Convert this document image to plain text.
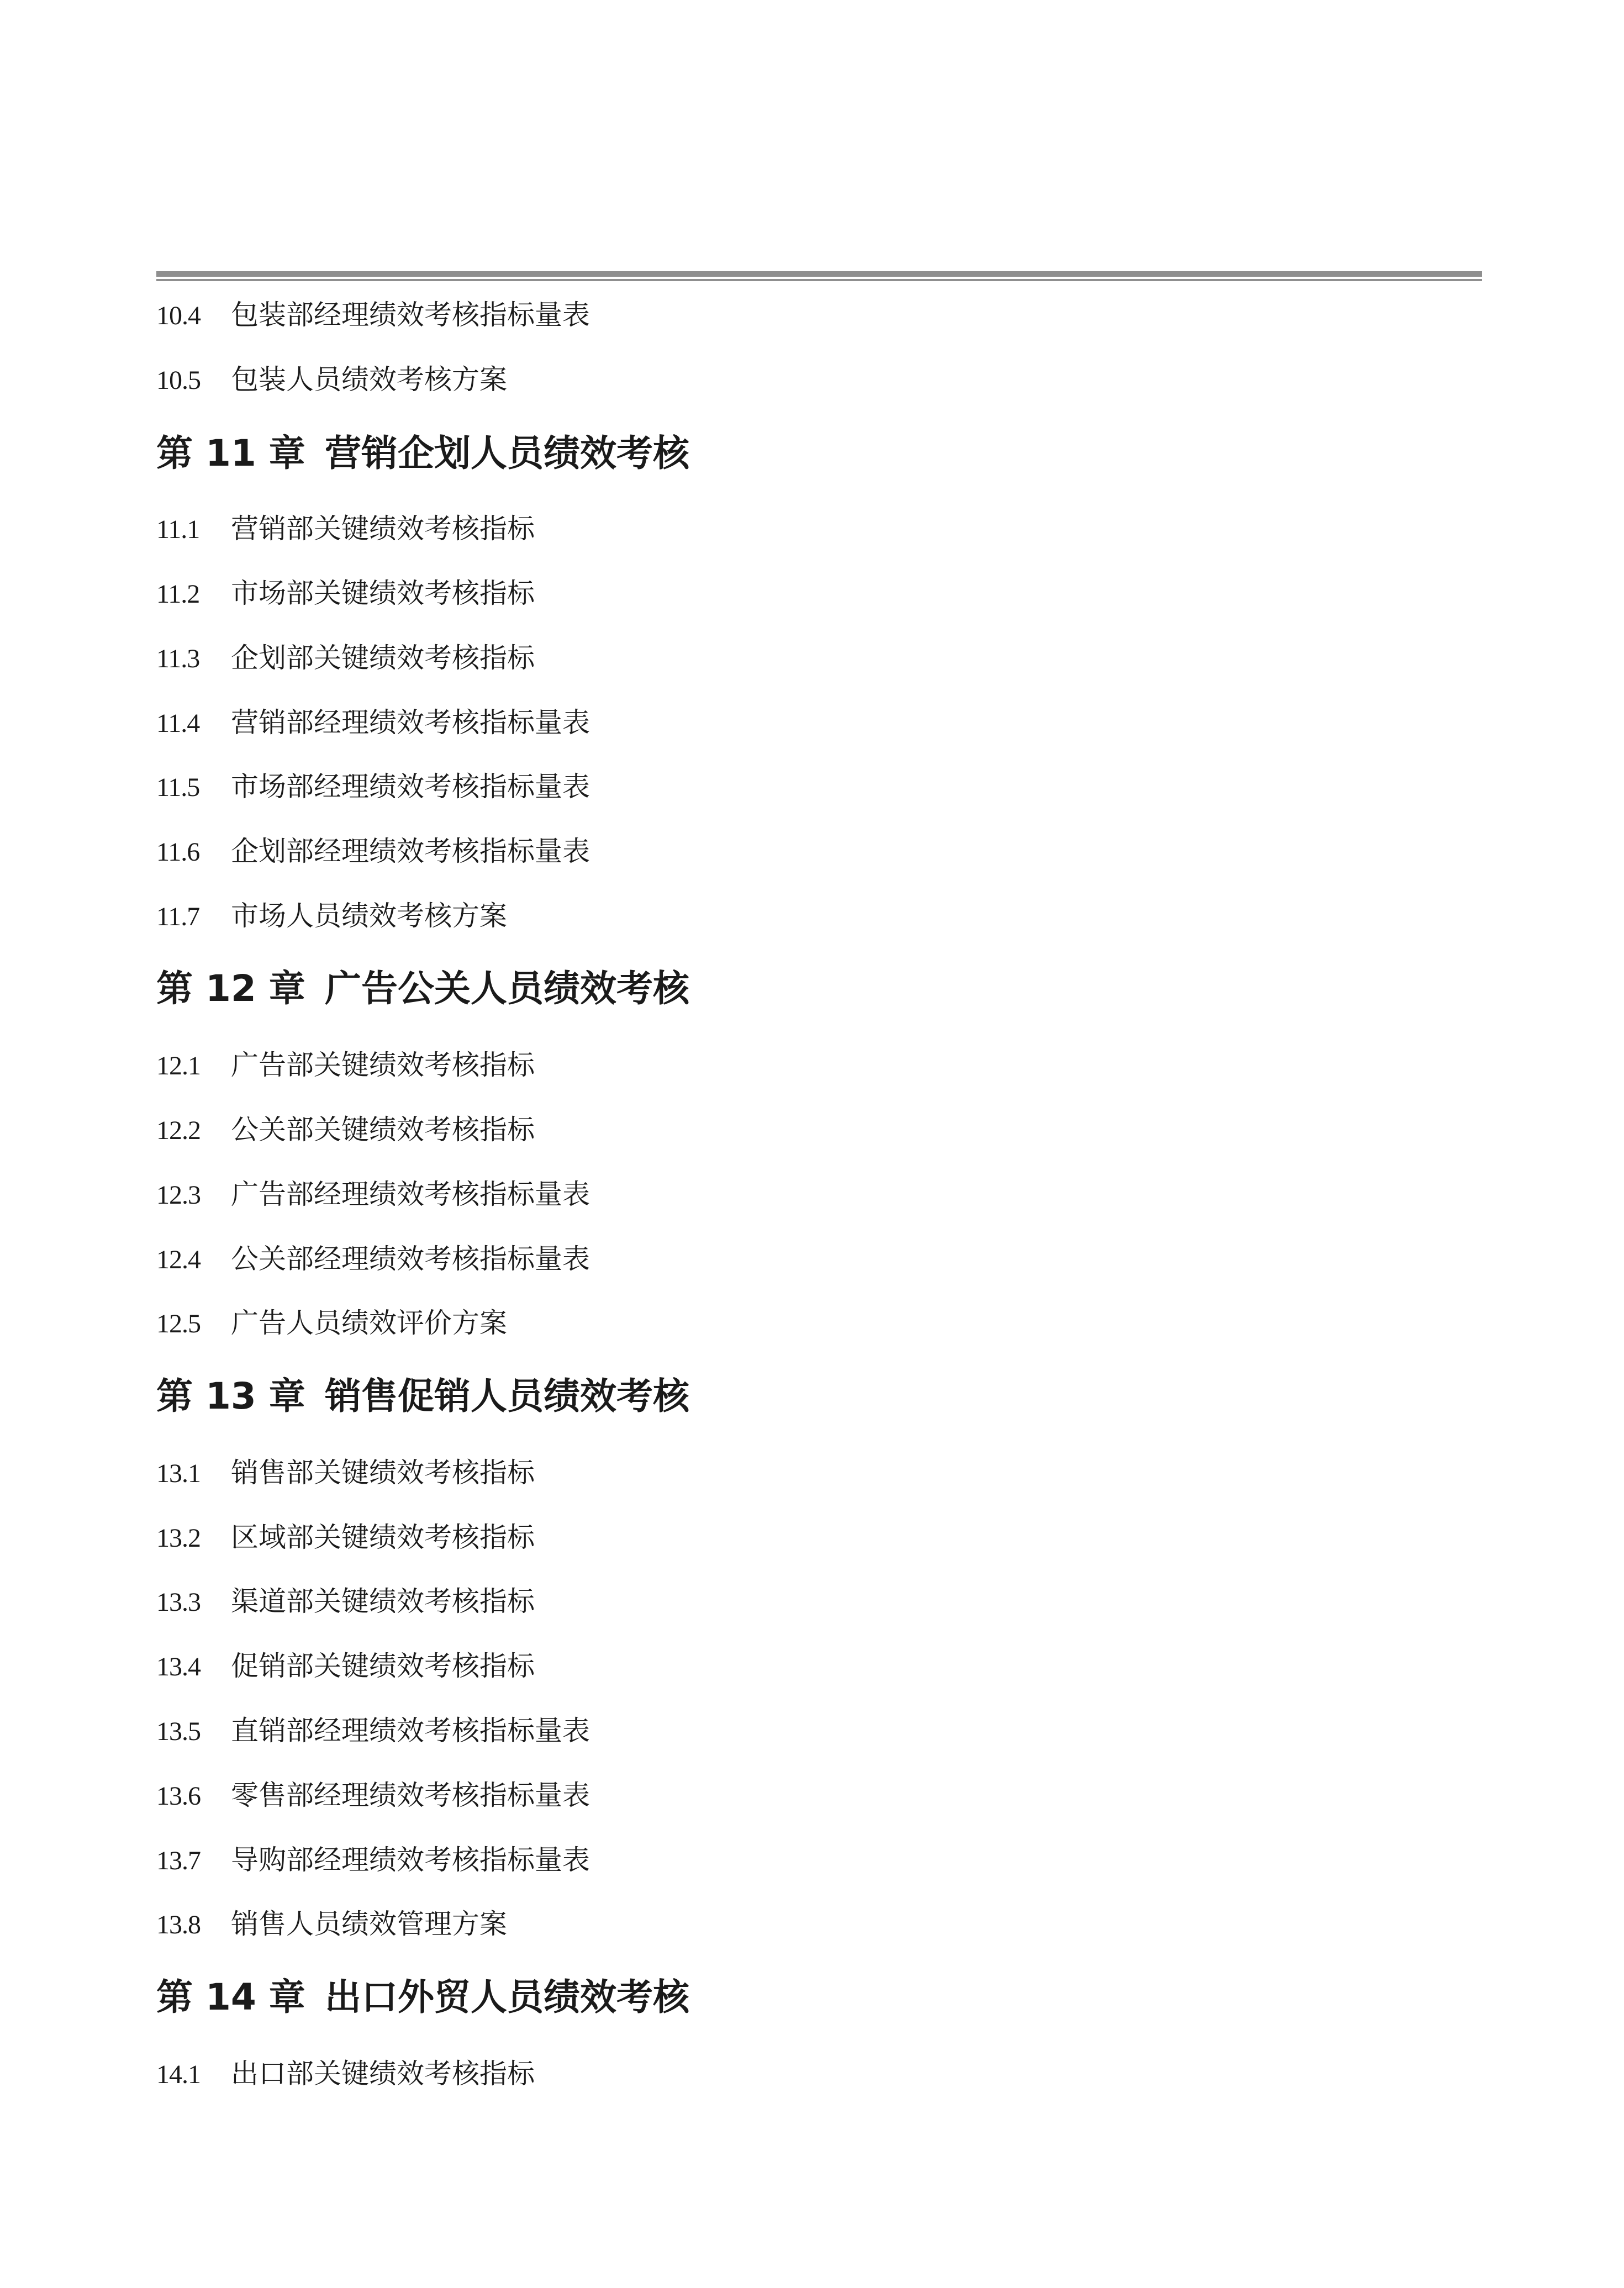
10.4 包装部经理绩效考核指标量表
10.5 包装人员绩效考核方案
第 11 章 营销企划人员绩效考核
11.1 营销部关键绩效考核指标
11.2 市场部关键绩效考核指标
11.3 企划部关键绩效考核指标
11.4 营销部经理绩效考核指标量表
11.5 市场部经理绩效考核指标量表
11.6 企划部经理绩效考核指标量表
11.7 市场人员绩效考核方案
第 12 章 广告公关人员绩效考核
12.1 广告部关键绩效考核指标
12.2 公关部关键绩效考核指标
12.3 广告部经理绩效考核指标量表
12.4 公关部经理绩效考核指标量表
12.5 广告人员绩效评价方案
第 13 章 销售促销人员绩效考核
13.1 销售部关键绩效考核指标
13.2 区域部关键绩效考核指标
13.3 渠道部关键绩效考核指标
13.4 促销部关键绩效考核指标
13.5 直销部经理绩效考核指标量表
13.6 零售部经理绩效考核指标量表
13.7 导购部经理绩效考核指标量表
13.8 销售人员绩效管理方案
第 14 章 出口外贸人员绩效考核
14.1 出口部关键绩效考核指标
